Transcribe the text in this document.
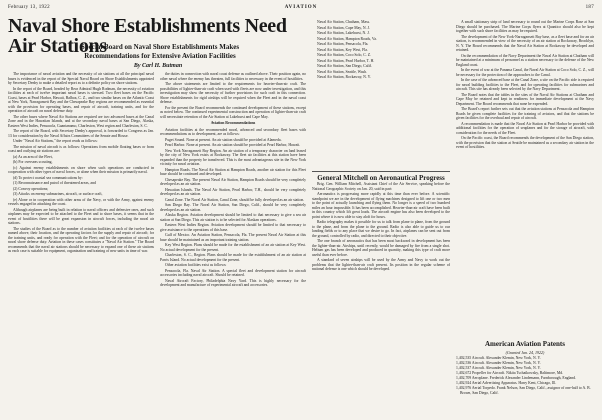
February 13, 1922	AVIATION	187
Naval Shore Establishments Need Air Stations
Special Board on Naval Shore Establishments Makes Recommendations for Extensive Aviation Facilities
By Carl H. Butman

The importance of naval aviation and the necessity of air stations at all the principal naval bases is evidenced in the report of the Special Naval Board on Shore Establishments appointed by Secretary Denby to make a detailed report as to a definite policy on shore stations.

In the report of the Board, headed by Rear Admiral Hugh Rodman, the necessity of aviation facilities at each of twelve important naval bases is stressed. Two fleet bases on the Pacific Coast, bases at Pearl Harbor, Hawaii, Balboa, C. Z., and two similar bases on the Atlantic Coast at New York, Narragansett Bay and the Chesapeake Bay regions are recommended as essential with the provision for operating bases, and repair of aircraft, training units, and for the operation of aircraft on naval defense duty.

The other bases where Naval Air Stations are required are two advanced bases at the Canal Zone and in the Hawaiian Islands, and at the secondary naval bases at San Diego, Alaska, Eastern West Indies, Pensacola, Guantanamo, Charleston, West region and Charleston, S. C.

The report of the Board, with Secretary Denby's approval, is forwarded to Congress as Jan. 13 for consideration by the Naval Affairs Committees of the Senate and House.

Under "Naval Air Stations," the report reads as follows:

The mission of naval aircraft is as follows: Operations from mobile floating bases or from coast and outlying air stations are:

(a) As an arm of the Fleet,

(b) For overseas scouting,

(c) Against enemy establishments on shore when such operations are conducted in cooperation with other types of naval forces, or alone when their mission is primarily naval.

(d) To protect coastal sea communications by:

(1) Reconnaissance and patrol of threatened areas, and

(2) Convoy operations;

(3) Attacks on enemy submarines, aircraft, or surface craft,

(e) Alone or in cooperation with other arms of the Navy, or with the Army, against enemy vessels engaged in attacking the coast.

Although airplanes are being built in relation to naval officers and defensive ones, and such airplanes may be expected to be attached to the Fleet and to shore bases, it seems that in the event of hostilities there will be great expansion in aircraft forces, including the naval air stations.

The studies of the Board as to the number of aviation facilities at each of the twelve bases named above, their location, and the operating factors for the supply and repair of aircraft; for the training units, and ready for operation with the Fleet; and for the operation of aircraft on naval shore defense duty. Aviation in these cases constitutes a "Naval Air Station." The Board recommends that the naval air stations should be necessary to expand one of these air stations as each case is suitable for equipment, organization and training of new units in time of war.

the duties in connection with naval coast defense as outlined above. Their position again, no other naval where the enemy has threaten, full facilities to necessary in the event of hostilities.

The above statements are limited to the requirements for heavier-than-air craft. The possibilities of lighter-than-air craft when used with fleets are now under investigation, and this investigation may show the necessity of further provisions for such craft in this connection. Shore establishments for rigid airships will be required when the Fleet and in the naval coast defense.

For the present the Board recommends the continued development of these stations, except as noted below. The continued experimental construction and operation of lighter-than-air craft will necessitate retention of the Air Station at Lakehurst and Cape May.

Aviation Recommendations

Aviation facilities at the recommended naval, advanced and secondary fleet bases with recommendations as to development, are as follows:

Puget Sound. None at present. An air station should be provided at Alameda.

Pearl Harbor. None at present. An air station should be provided at Pearl Harbor, Hawaii.

New York Narragansett Bay Region. An air station of a temporary character on land leased by the city of New York exists at Rockaway. The fleet air facilities at this station have been expanded than the property be transferred. This is the most advantageous site in the New York vicinity for naval aviation.

Hampton Roads. The Naval Air Station at Hampton Roads, another air station for this Fleet base should be continued and developed.

Chesapeake Bay. The present Naval Air Station, Hampton Roads should be very completely developed as an air station.

Hawaiian Islands. The Naval Air Station, Pearl Harbor, T.H., should be very completely developed as an air station.

Canal Zone. The Naval Air Station, Canal Zone, should be fully developed as an air station.

San Diego Bay. The Naval Air Station, San Diego, Calif., should be very completely developed as an air station.

Alaska Region. Aviation development should be limited to that necessary to give a sea air station at San Diego. This air station is to be selected for Alaskan operations.

Eastern West Indies Region. Aviation development should be limited to that necessary to give assistance to the operations of this base.

Gulf of Mexico. An Aviation Station, Pensacola, Fla. The present Naval Air Station at this base should be maintained as an important training station.

Key West Region. Plans should be made for the establishment of an air station at Key West. No actual development for the present.

Charleston, S. C., Region. Plans should be made for the establishment of an air station at Parris Island. No actual development for the present.

Other aviation facilities exist as follows:

Pensacola, Fla. Naval Air Station. A special fleet and development station for aircraft accessories including naval aircraft. Should be retained.

Naval Aircraft Factory, Philadelphia Navy Yard. This is highly necessary for the development and manufacture of experimental aircraft and accessories.

Naval Air Station, Chatham, Mass.

Naval Air Station, Cape May, N. J.

Naval Air Station, Lakehurst, N. J.

Naval Air Station, Hampton Roads, Va.

Naval Air Station, Pensacola, Fla.

Naval Air Station, Key West, Fla.

Naval Air Station, Coco Solo, C. Z.

Naval Air Station, Pearl Harbor, T. H.

Naval Air Station, San Diego, Calif.

Naval Air Station, Seattle, Wash.

Naval Air Station, Rockaway, N. Y.

General Mitchell on Aeronautical Progress

Brig. Gen. William Mitchell, Assistant Chief of the Air Service, speaking before the National Geographic Society on Jan. 20, said in part:

Aeronautics is progressing more rapidly at this time than ever before. A scientific standpoint we are in the development of flying machines designed to lift one or two men to the point of actually launching and flying them. No longer is a speed of two hundred miles an hour impossible. It has been accomplished. Heavier-than-air craft have been built in this country which lift great loads. The aircraft engine has also been developed to the point where it is now able to stay aloft for hours.

Radio telegraphy makes it possible for us to talk from plane to plane, from the ground to the plane, and from the plane to the ground. Radio is also able to guide us to our landing fields or to any place that we desire to go. In fact, airplanes can be sent out from the ground, controlled by radio, and directed to their objective.

The one branch of aeronautics that has been most backward in development has been the lighter-than-air. Airships, until recently, would be damaged by fire from a single shot. Helium gas has been developed and produced in quantity, making this type of craft more useful than ever before.

A standard of seven airships will be used by the Army and Navy to work out the problems that the lighter-than-air craft present. Its position in the regular scheme of national defense is one which should be developed.

A small stationary strip of land necessary to round out the Marine Corps Base at San Diego should be purchased. The Marine Corps flyers at Quantico should also be kept together with such shore facilities as may be required.

The development of the New York-Narragansett Bay base, as a fleet base and for an air station, is recommended in view of the necessity of an air station at Rockaway, Brooklyn, N. Y. The Board recommends that the Naval Air Station at Rockaway be developed and retained.

On the recommendation of the Navy Department the Naval Air Station at Chatham will be maintained at a minimum of personnel as a station necessary to the defense of the New England coast.

In the event of war at the Panama Canal, the Naval Air Station at Coco Solo, C. Z., will be necessary for the protection of the approaches to the Canal.

In the case of the advanced base at the Canal Zone, a site on the Pacific side is required for naval building facilities to the Fleet, and for operating facilities for submarines and aircraft. This site has already been selected by the Navy Department.

The Board notes that the tables in the sites of the Naval Air Stations at Chatham and Cape May be retained and kept in readiness for immediate development at the Navy Department. The Board recommends that none be expended.

The Board's report further sets out that the aviation stations at Pensacola and Hampton Roads be given complete facilities for the training of aviators, and that the stations be given facilities for the overhaul and repair of aircraft.

A recommendation is made that the Naval Air Station at Pearl Harbor be provided with additional facilities for the operation of seaplanes and for the storage of aircraft, with consideration for the needs of the Fleet.

On the Pacific coast, the Board recommends the development of the San Diego station, with the provision that the station at Seattle be maintained as a secondary air station in the event of hostilities.

American Aviation Patents
(Granted Jan. 24, 1922)
1,402,535 Aircraft. Alexander Klemin, New York, N. Y.
1,402,536 Aircraft. Alexander Klemin, New York, N. Y.
1,402,537 Aircraft. Alexander Klemin, New York, N. Y.
1,402,672 Propeller for Aircraft. Nikita Tschaikowsky, Baltimore, Md.
1,402,709 Aeroplane. Frederick Alexander Lindemann, Farnborough, England.
1,402,924 Aerial Advertising Apparatus. Harry Kent, Chicago, Ill.
1,402,976 Aerial Torpedo. Frank Nelson, San Diego, Calif., assignor of one-half to A. B. Brown, San Diego, Calif.
